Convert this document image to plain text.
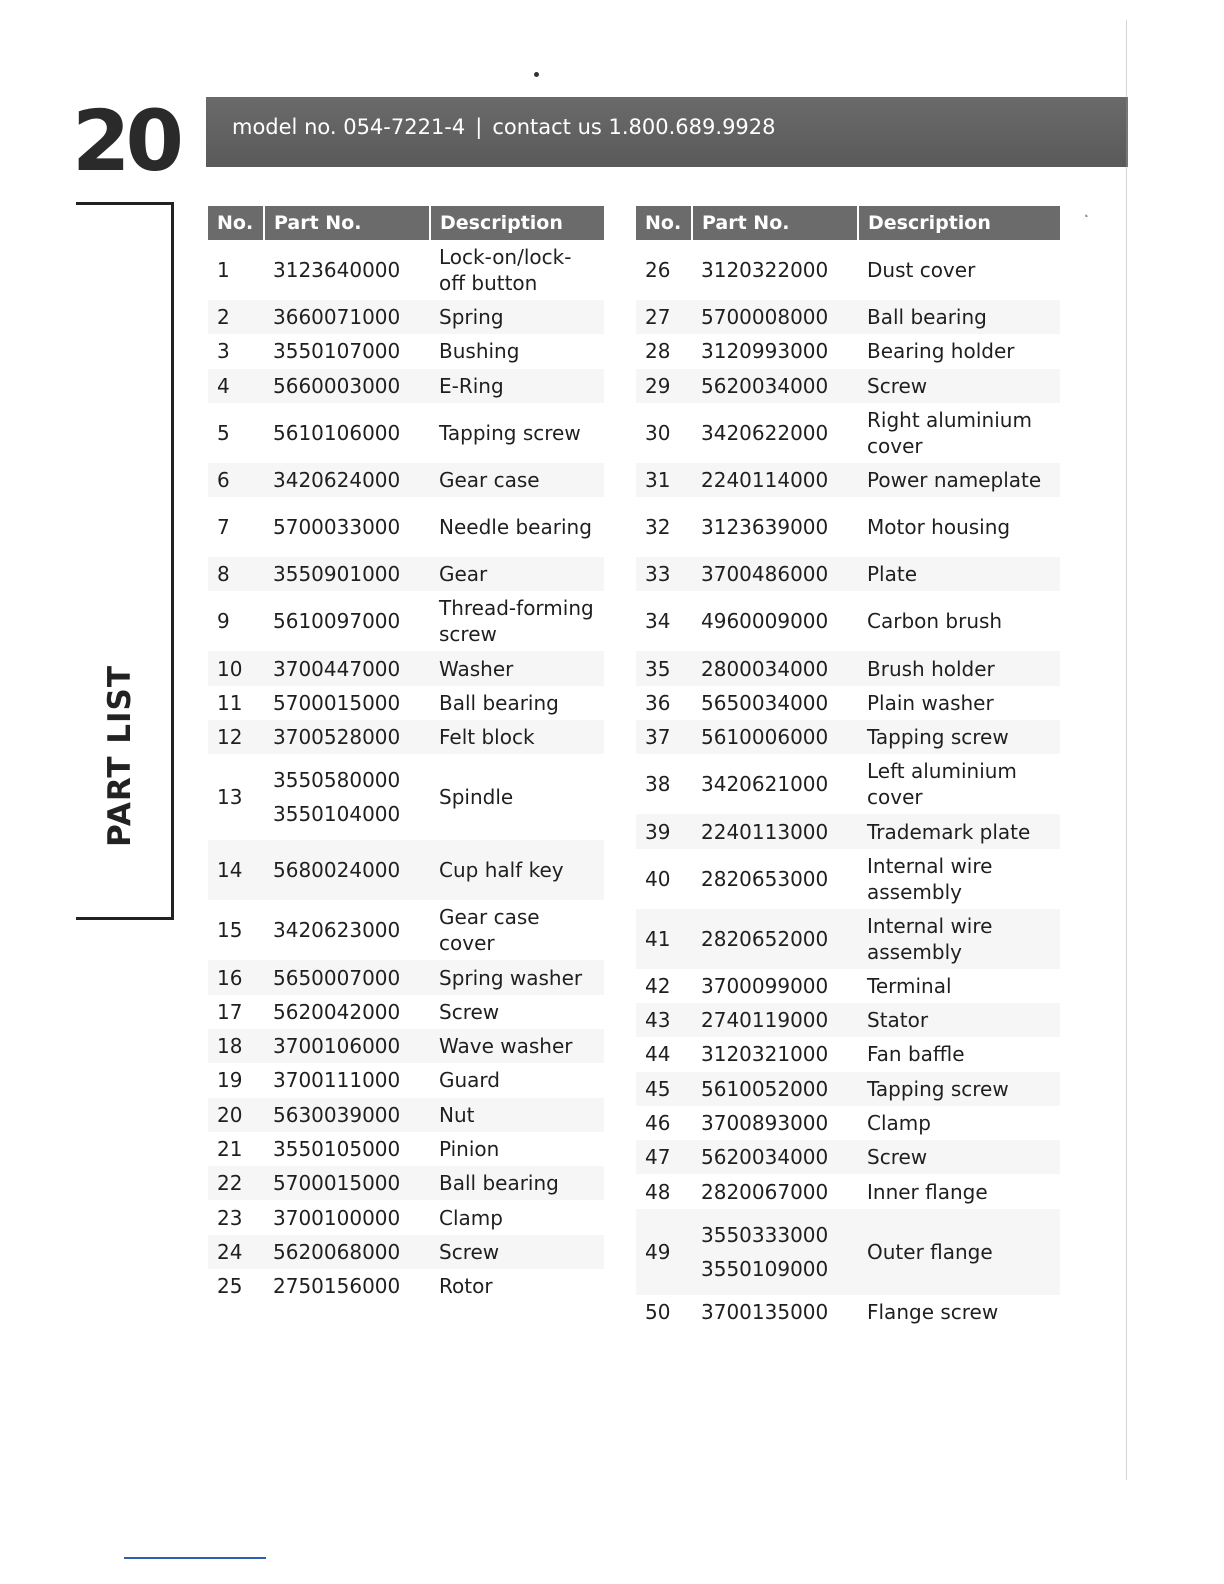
20	model no. 054-7221-4 | contact us 1.800.689.9928
PART LIST
◔
No.	Part No.	Description
1	3123640000	Lock-on/lock-off button
2	3660071000	Spring
3	3550107000	Bushing
4	5660003000	E-Ring
5	5610106000	Tapping screw
6	3420624000	Gear case
7	5700033000	Needle bearing
8	3550901000	Gear
9	5610097000	Thread-forming screw
10	3700447000	Washer
11	5700015000	Ball bearing
12	3700528000	Felt block
13	3550580000
3550104000	Spindle
14	5680024000	Cup half key
15	3420623000	Gear case cover
16	5650007000	Spring washer
17	5620042000	Screw
18	3700106000	Wave washer
19	3700111000	Guard
20	5630039000	Nut
21	3550105000	Pinion
22	5700015000	Ball bearing
23	3700100000	Clamp
24	5620068000	Screw
25	2750156000	Rotor
No.	Part No.	Description
26	3120322000	Dust cover
27	5700008000	Ball bearing
28	3120993000	Bearing holder
29	5620034000	Screw
30	3420622000	Right aluminium cover
31	2240114000	Power nameplate
32	3123639000	Motor housing
33	3700486000	Plate
34	4960009000	Carbon brush
35	2800034000	Brush holder
36	5650034000	Plain washer
37	5610006000	Tapping screw
38	3420621000	Left aluminium cover
39	2240113000	Trademark plate
40	2820653000	Internal wire assembly
41	2820652000	Internal wire assembly
42	3700099000	Terminal
43	2740119000	Stator
44	3120321000	Fan baffle
45	5610052000	Tapping screw
46	3700893000	Clamp
47	5620034000	Screw
48	2820067000	Inner flange
49	3550333000
3550109000	Outer flange
50	3700135000	Flange screw
